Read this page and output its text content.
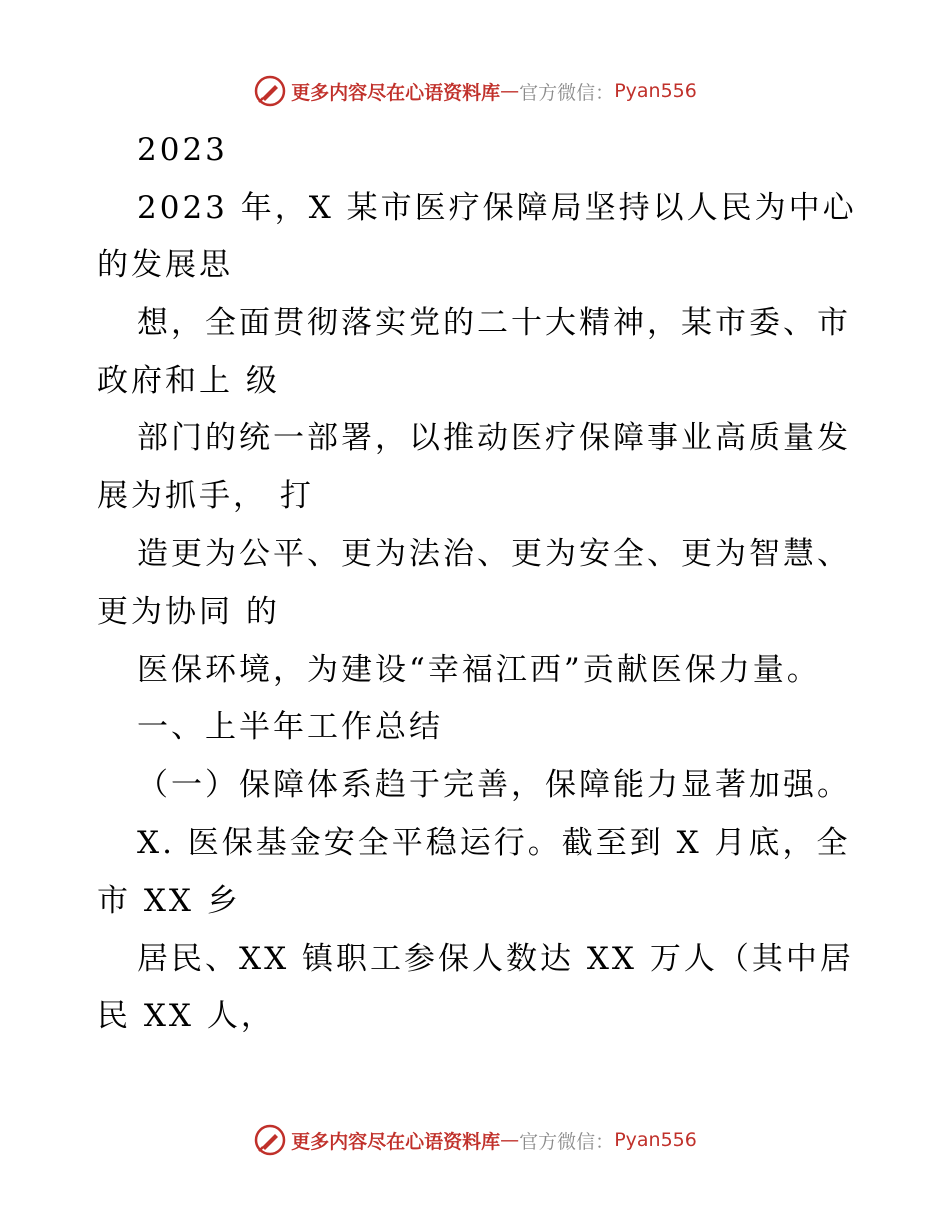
更多内容尽在心语资料库 — 官方微信： Pyan556
2023
2023 年，X 某市医疗保障局坚持以人民为中心
的发展思
想，全面贯彻落实党的二十大精神，某市委、市
政府和上 级
部门的统一部署，以推动医疗保障事业高质量发
展为抓手， 打
造更为公平、更为法治、更为安全、更为智慧、
更为协同 的
医保环境，为建设“幸福江西”贡献医保力量。
一、上半年工作总结
（一）保障体系趋于完善，保障能力显著加强。
X. 医保基金安全平稳运行。截至到 X 月底，全
市 XX 乡
居民、XX 镇职工参保人数达 XX 万人（其中居
民 XX 人，
更多内容尽在心语资料库 — 官方微信： Pyan556
